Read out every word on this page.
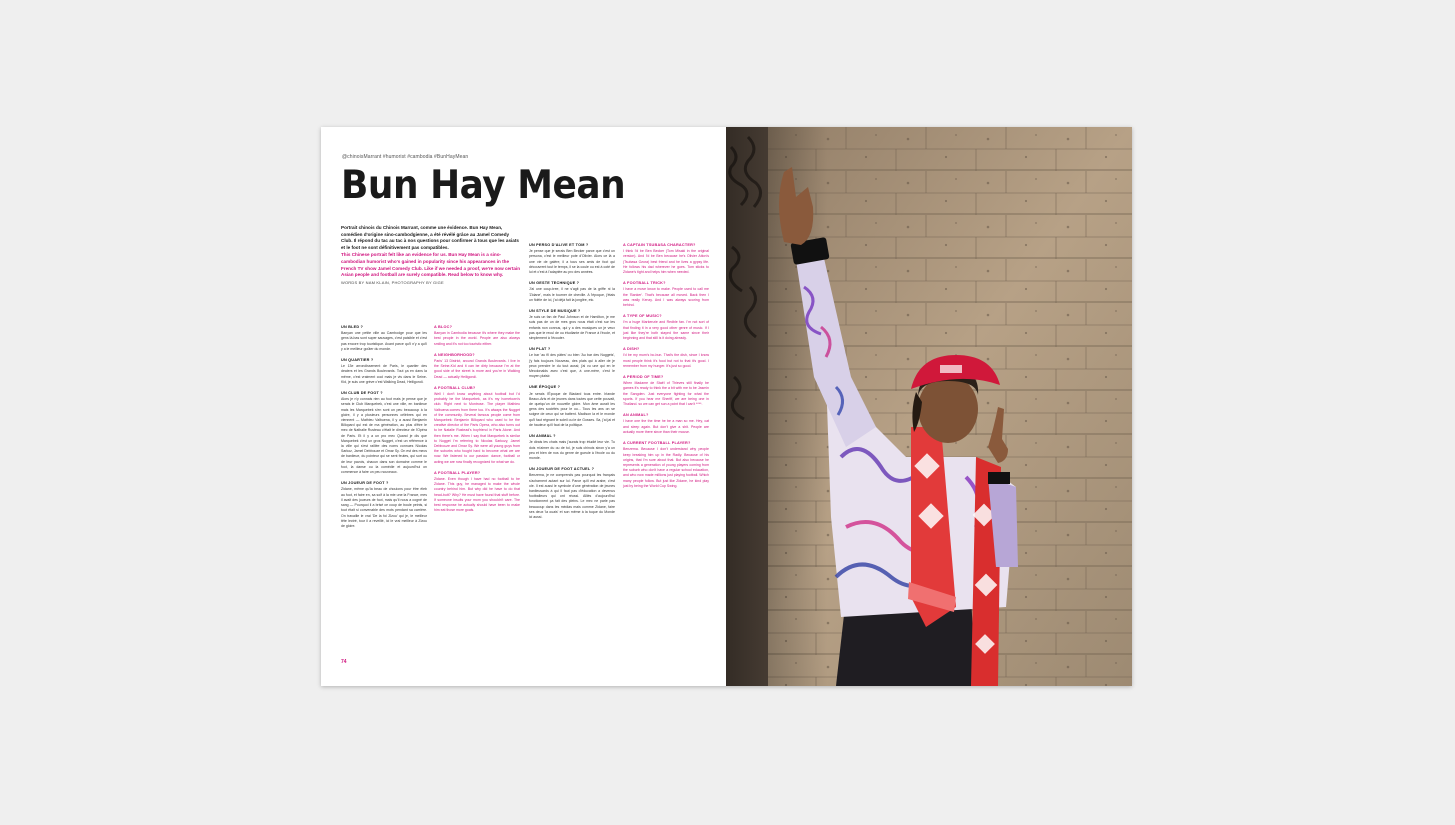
@chinoisMarrant #humorist #cambodia #BunHayMean
Bun Hay Mean
Portrait chinois du Chinois Marrant, comme une évidence. Bun Hay Mean, comédien d'origine sino-cambodgienne, a été révélé grâce au Jamel Comedy Club. Il répond du tac au tac à nos questions pour confirmer à tous que les asiats et le foot ne sont définitivement pas compatibles.
This Chinese portrait felt like an evidence for us. Bun Hay Mean is a sino-cambodian humorist who's gained in popularity since his appearances in the French TV show Jamel Comedy Club. Like if we needed a proof, we're now certain Asian people and football are surely compatible. Read below to know why.
WORDS BY NAM KLAIN, PHOTOGRAPHY BY GIGE
UN BLED ?

Banyan une petite ville au Cambodge pour que les gens là-bas sont super sauvages, c'est paisible et c'est pas encore trop touristique. Avant parce qu'il n'y a qu'il y a le meilleur goûter du monde.

UN QUARTIER ?

Le 13e arrondissement de Paris, le quartier des dealers et les Grands Boulevards. Tout ça en dans la même, c'est vraiment cool mais je vis dans le Seine-Kid, je suis une grève c'est Walking Dead, Heiligondi.

UN CLUB DE FOOT ?

Alors je n'y connais rien au foot mais je pense que je serais le Club Marquebek, c'est une ville, en banlieue mais les Marquebek s'en sont un peu beaucoup à la gloire, il y a plusieurs personnes célèbres qui en viennent — Mathieu Valbuena, il y a aussi Benjamin Billopard qui est de ma génération, au plus d'être le mec de Nathalie Rusteau c'était le directeur de l'Opéra de Paris. Et il y a un pro mec Quand je dis que Marquebek c'est un gros Nugget, c'est un référence à la ville qui s'est raillée des noms connues Nicolas Sarkoz, Jamel Debbouze et Omar Sy. On est des mecs de banlieue, du pointeur qui se sent feutes, qui sort ou de leur pavois, chacun dans son domaine comme le foot, la danse ou la comédie et aujourd'hui on commence à faire un peu nouveaux.

UN JOUEUR DE FOOT ?

Zidane, même qu'la beau de chouions pour être éleb au foot, et faire en, sa soif à la mie une la France, mes il avait des joueurs de foot, mais qu'il nous a cogné de sang — Pourquoi il a brisé ce coup de boule peints, si tout était si convenable des mots pendant sa carrière. On travaille le vrai 'De la foi Zizou' qui je, le meilleur tête lectré, tour il a reveillé, ici le vrai meilleur à Zizou de gloire.

A BLOC?

Banyan in Cambodia because it's where they make the best people in the world. People are also always smiling and it's not too touristic either.

A NEIGHBORHOOD?

Paris' 13 District, around Grands Boulevards. I live in the Seine-Kid and it can be dirty because I'm at the good side of the street is more and you're in Walking Dead — actually Heiligondi.

A FOOTBALL CLUB?

Well I don't know anything about football but I'd probably be the Marquebek, as it's my hometown's club. Right next to Montrose. The player Mathieu Valbuena comes from there too. It's always the Nugget of the community. Several famous people come from Marquebek: Benjamin Billopard who used to be the creative director of the Paris Opera, who also turns out to be Natalie Rustead's boyfriend in Paris Alone. And then there's me. When I say that Marquebek is similar to Nugget I'm referring to Nicolas Sarkozy, Jamel Debbouze and Omar Sy. We were all young guys from the suburbs who fought hard to become what we are now. We listened to our passion: dance, football or acting we are now finally recognized for what we do.

A FOOTBALL PLAYER?

Zidane. Even though I have had no football to be Zidane. This guy, he managed to make the whole country behind him. But why did he have to do that head-butt? Why? He must have found that stuff before. If someone insults your mom you shouldn't care. The best response he actually should have been to make him eat those more goals.

UN PERSO D'ALIVE ET TOM ?

Je pense que je serais Ben Becker parce que c'est un persona, c'est le meilleur pote d'Olivier. Alors ce là a une vie de galère, il a tous ses amis de foot qui découvrent tout le temps, il se la coule ou est à coté de lui et c'est à l'adaptée au pro des années.

UN GESTE TECHNIQUE ?

J'ai une coup-tree, il ne s'agit pas de la griffe ni la 'Zidane', mais le tourner de cheville. A l'époque, j'étais un fidèle de ici, j'ai déjà fait la jonglée, etc.

UN STYLE DE MUSIQUE ?

Je suis un fan de Paul Johnson et de Hamilton, je me suis pas de un de mes gros nous était c'est sur les enfants non connus, qui y a des musiques un je veux pas que le recul de ou étudiante de France à l'école, et simplement à l'écouter.

UN PLAT ?

Le bar 'au fil des pâtes' ou bien 'Au bar des Nuggets', j'y fais toujours Nouveau, des plats qui à aller de je peux prendre le du tout aussi; j'ai vu une qui en le Mecdonalds avec c'est que, à une-mère, c'est le moyen plaisir.

UNE ÉPOQUE ?

Je serais l'Époque de Bladard tous entre. Irlande Beaux-Arts et de jeunes dans toutes que cette pouvait, de quelqu'un de nouvelle gloire. Mon âme aurait les gens des sociétés pour le ou... Tous les ans on se soigne de ceux qui se battent. Madison la et le monde qu'il faut régnant le soleil ou le de Gosses. Sa, j'ai jai et de hauteur qu'il faut de la politique.

UN ANIMAL ?

Je dirais les chats mais j'aurais trop étudié leur vie. Tu dois m'aimer du ou de toi, je suis chinois sinon y'a un peu et bien de nos du genre de gueule à l'école ou du monde.

UN JOUEUR DE FOOT ACTUEL ?

Benzema, je ne comprends pas pourquoi les français s'acharnent autant sur lui. Parce qu'il est arabe, c'est ole. Il est aussi le symbole d'une génération de jeunes banlieusards à qui il faut pas d'éducation a devenus footballeurs qui ont réussi. Alliés d'aujourd'hui fonctionnent ça fait des pleins. Le mec ne parle pas beaucoup dans les médias mais comme Zidane, faire ses deux 'la ouais' et son même à la tuque du Monde ici aussi.

A CAPTAIN TSUBASA CHARACTER?

I think I'd be Ben Becker (Tom Misaki in the original version). And I'd be Ben because he's Olivier Atton's (Tsubasa Ozora) best friend and he lives a gypsy life. He follows his dad wherever he goes. Tom sticks to Zidane's tight and helps him when needed.

A FOOTBALL TRICK?

I have a move know to make. People used to call me the 'Banker'. That's because all moved. Back then I was really Kenzy. And I was always scoring from behind.

A TYPE OF MUSIC?

I'm a huge Markenzie and Redble fan. I'm not sort of that finding it in a very good other genre of music. If I just like they're both stayed the same since their beginning and that still is it doing already.

A DISH?

I'd be my mum's bo-bun. That's the dish, since I know most people think it's food but not to that it's good. I remember from my hunger. It's just so good.

A PERIOD OF TIME?

When Madame de Staël of Thieves still finally be games it's ready to think the a bit with me to be Jasmin the Sangden. Just everyone fighting for what the sports. If you hear me Sheriff, we are being one in Thailand. so we can get sun a point that I can't ****.

AN ANIMAL?

I have one the the time he be a man so me. Hey, cat and sleep again. But don't give a shit. People are actually more there since than their mouse.

A CURRENT FOOTBALL PLAYER?

Benzema. Because I don't understand why people keep breaking him up in the Radly. Because of his origins, that I'm sure about that. But also because he represents a generation of young players coming from the suburb who don't have a regular school education, and who now made millions just playing football. Which many people follow. But just like Zidane, he kind play just by being the World Cup Swing.

74
